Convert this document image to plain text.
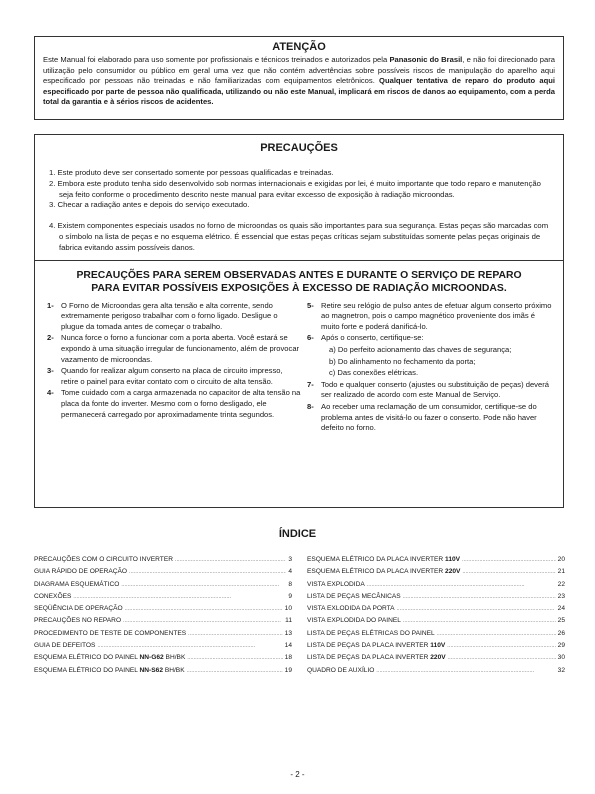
ATENÇÃO

Este Manual foi elaborado para uso somente por profissionais e técnicos treinados e autorizados pela Panasonic do Brasil, e não foi direcionado para utilização pelo consumidor ou público em geral uma vez que não contém advertências sobre possíveis riscos de manipulação do aparelho aqui especificado por pessoas não treinadas e não familiarizadas com equipamentos eletrônicos. Qualquer tentativa de reparo do produto aqui especificado por parte de pessoa não qualificada, utilizando ou não este Manual, implicará em riscos de danos ao equipamento, com a perda total da garantia e à sérios riscos de acidentes.

PRECAUÇÕES
1. Este produto deve ser consertado somente por pessoas qualificadas e treinadas.
2. Embora este produto tenha sido desenvolvido sob normas internacionais e exigidas por lei, é muito importante que todo reparo e manutenção seja feito conforme o procedimento descrito neste manual para evitar excesso de exposição à radiação microondas.
3. Checar a radiação antes e depois do serviço executado.
4. Existem componentes especiais usados no forno de microondas os quais são importantes para sua segurança. Estas peças são marcadas com o símbolo na lista de peças e no esquema elétrico. É essencial que estas peças críticas sejam substituídas somente pelas peças originais de fabrica evitando assim possíveis danos.
PRECAUÇÕES PARA SEREM OBSERVADAS ANTES E DURANTE O SERVIÇO DE REPARO
PARA EVITAR POSSÍVEIS EXPOSIÇÕES À EXCESSO DE RADIAÇÃO MICROONDAS.
1- O Forno de Microondas gera alta tensão e alta corrente, sendo extremamente perigoso trabalhar com o forno ligado. Desligue o plugue da tomada antes de começar o trabalho.
2- Nunca force o forno a funcionar com a porta aberta. Você estará se expondo à uma situação irregular de funcionamento, além de provocar vazamento de microondas.
3- Quando for realizar algum conserto na placa de circuito impresso, retire o painel para evitar contato com o circuito de alta tensão.
4- Tome cuidado com a carga armazenada no capacitor de alta tensão na placa da fonte do inverter. Mesmo com o forno desligado, ele permanecerá carregado por aproximadamente trinta segundos.
5- Retire seu relógio de pulso antes de efetuar algum conserto próximo ao magnetron, pois o campo magnético proveniente dos imãs é muito forte e poderá danificá-lo.
6- Após o conserto, certifique-se:
a) Do perfeito acionamento das chaves de segurança;
b) Do alinhamento no fechamento da porta;
c) Das conexões elétricas.
7- Todo e qualquer conserto (ajustes ou substituição de peças) deverá ser realizado de acordo com este Manual de Serviço.
8- Ao receber uma reclamação de um consumidor, certifique-se do problema antes de visitá-lo ou fazer o conserto. Pode não haver defeito no forno.
ÍNDICE
PRECAUÇÕES COM O CIRCUITO INVERTER . . .	3
GUIA RÁPIDO DE OPERAÇÃO . . .	4
DIAGRAMA ESQUEMÁTICO . . .	8
CONEXÕES . . .	9
SEQÜÊNCIA DE OPERAÇÃO . . .	10
PRECAUÇÕES NO REPARO . . .	11
PROCEDIMENTO DE TESTE DE COMPONENTES . . .	13
GUIA DE DEFEITOS . . .	14
ESQUEMA ELÉTRICO DO PAINEL NN-G62 BH/BK . . .	18
ESQUEMA ELÉTRICO DO PAINEL NN-S62 BH/BK . . .	19
ESQUEMA ELÉTRICO DA PLACA INVERTER 110V . . .	20
ESQUEMA ELÉTRICO DA PLACA INVERTER 220V . . .	21
VISTA EXPLODIDA . . .	22
LISTA DE PEÇAS MECÂNICAS . . .	23
VISTA EXLODIDA DA PORTA . . .	24
VISTA EXPLODIDA DO PAINEL . . .	25
LISTA DE PEÇAS ELÉTRICAS DO PAINEL . . .	26
LISTA DE PEÇAS DA PLACA INVERTER 110V . . .	29
LISTA DE PEÇAS DA PLACA INVERTER 220V . . .	30
QUADRO DE AUXÍLIO . . .	32
- 2 -
